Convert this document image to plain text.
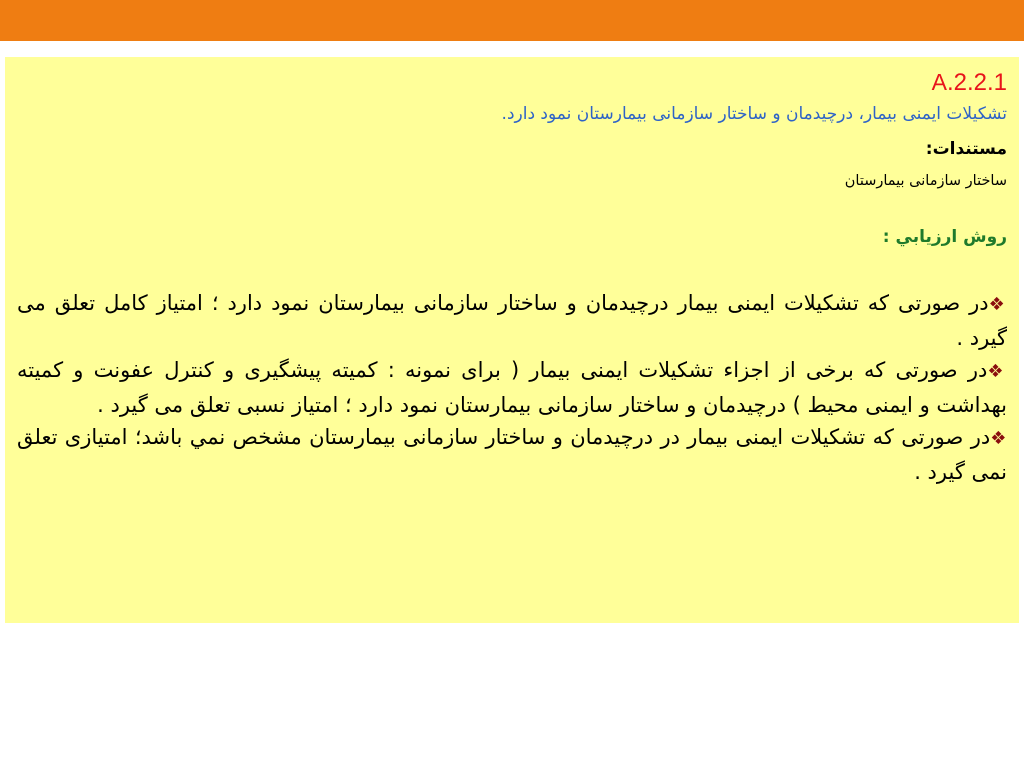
A.2.2.1
تشکیلات ایمنی بیمار، درچیدمان و ساختار سازمانی بیمارستان نمود دارد.
مستندات:
ساختار سازمانی بیمارستان
روش ارزيابي :
❖در صورتی که تشکیلات ایمنی بیمار درچیدمان و ساختار سازمانی بیمارستان نمود دارد ؛ امتیاز کامل تعلق می گیرد .
❖در صورتی که برخی از اجزاء تشکیلات ایمنی بیمار ( برای نمونه : کمیته پیشگیری و کنترل عفونت و کمیته بهداشت و ایمنی محیط ) درچیدمان و ساختار سازمانی بیمارستان نمود دارد ؛ امتیاز نسبی تعلق می گیرد .
❖در صورتی که تشکیلات ایمنی بیمار در درچیدمان و ساختار سازمانی بیمارستان مشخص نمي باشد؛ امتیازی تعلق نمی گیرد .
